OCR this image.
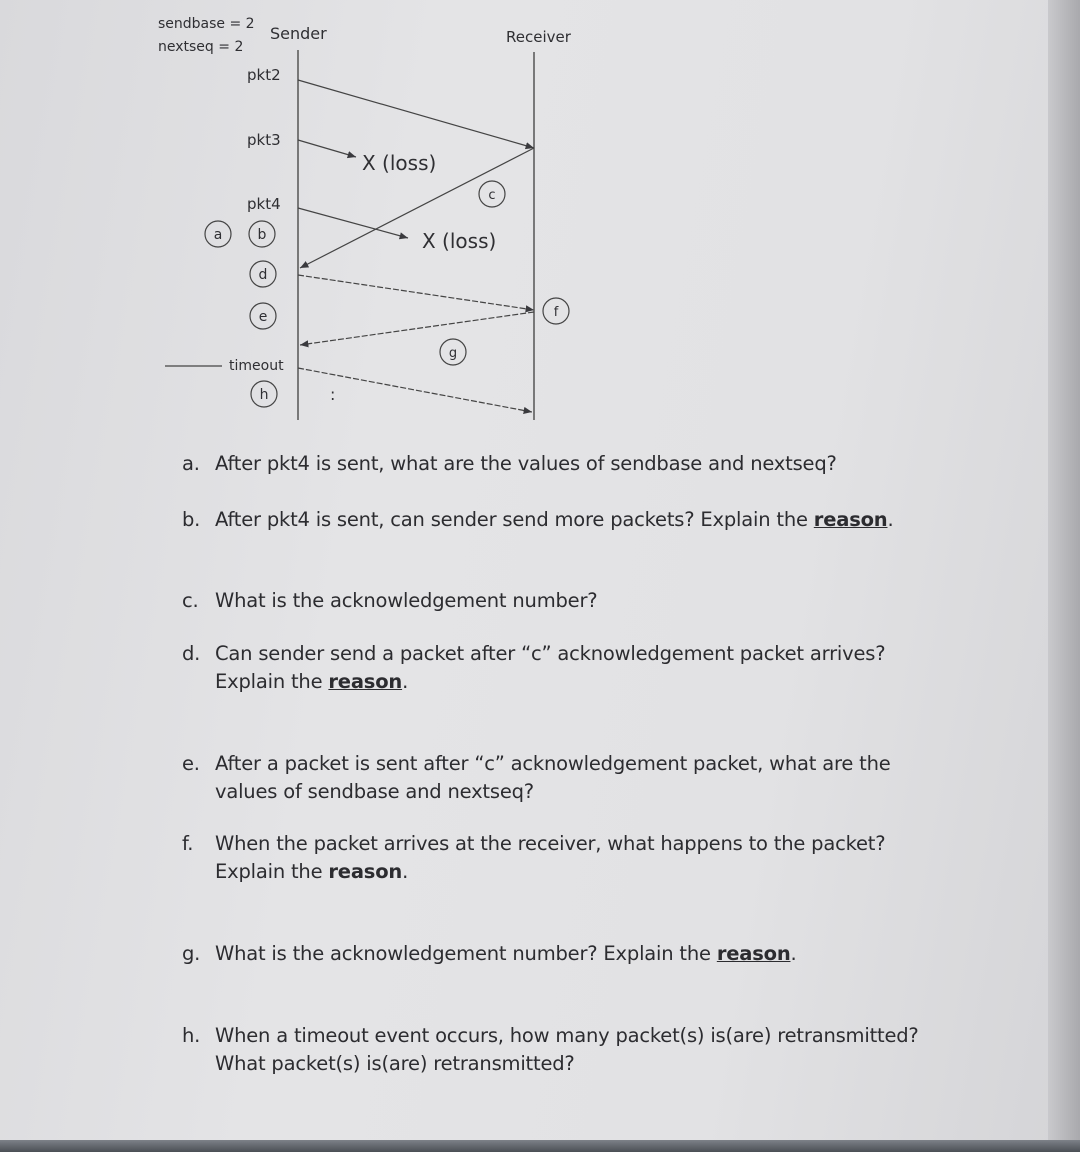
sendbase = 2
nextseq = 2
Sender	Receiver
pkt2
pkt3
pkt4
X (loss)
X (loss)
timeout
:
a	b
c
d
e	f
g
h
a. After pkt4 is sent, what are the values of sendbase and nextseq?
b. After pkt4 is sent, can sender send more packets? Explain the reason.
c. What is the acknowledgement number?
d. Can sender send a packet after “c” acknowledgement packet arrives? Explain the reason.
e. After a packet is sent after “c” acknowledgement packet, what are the values of sendbase and nextseq?
f. When the packet arrives at the receiver, what happens to the packet? Explain the reason.
g. What is the acknowledgement number? Explain the reason.
h. When a timeout event occurs, how many packet(s) is(are) retransmitted? What packet(s) is(are) retransmitted?
